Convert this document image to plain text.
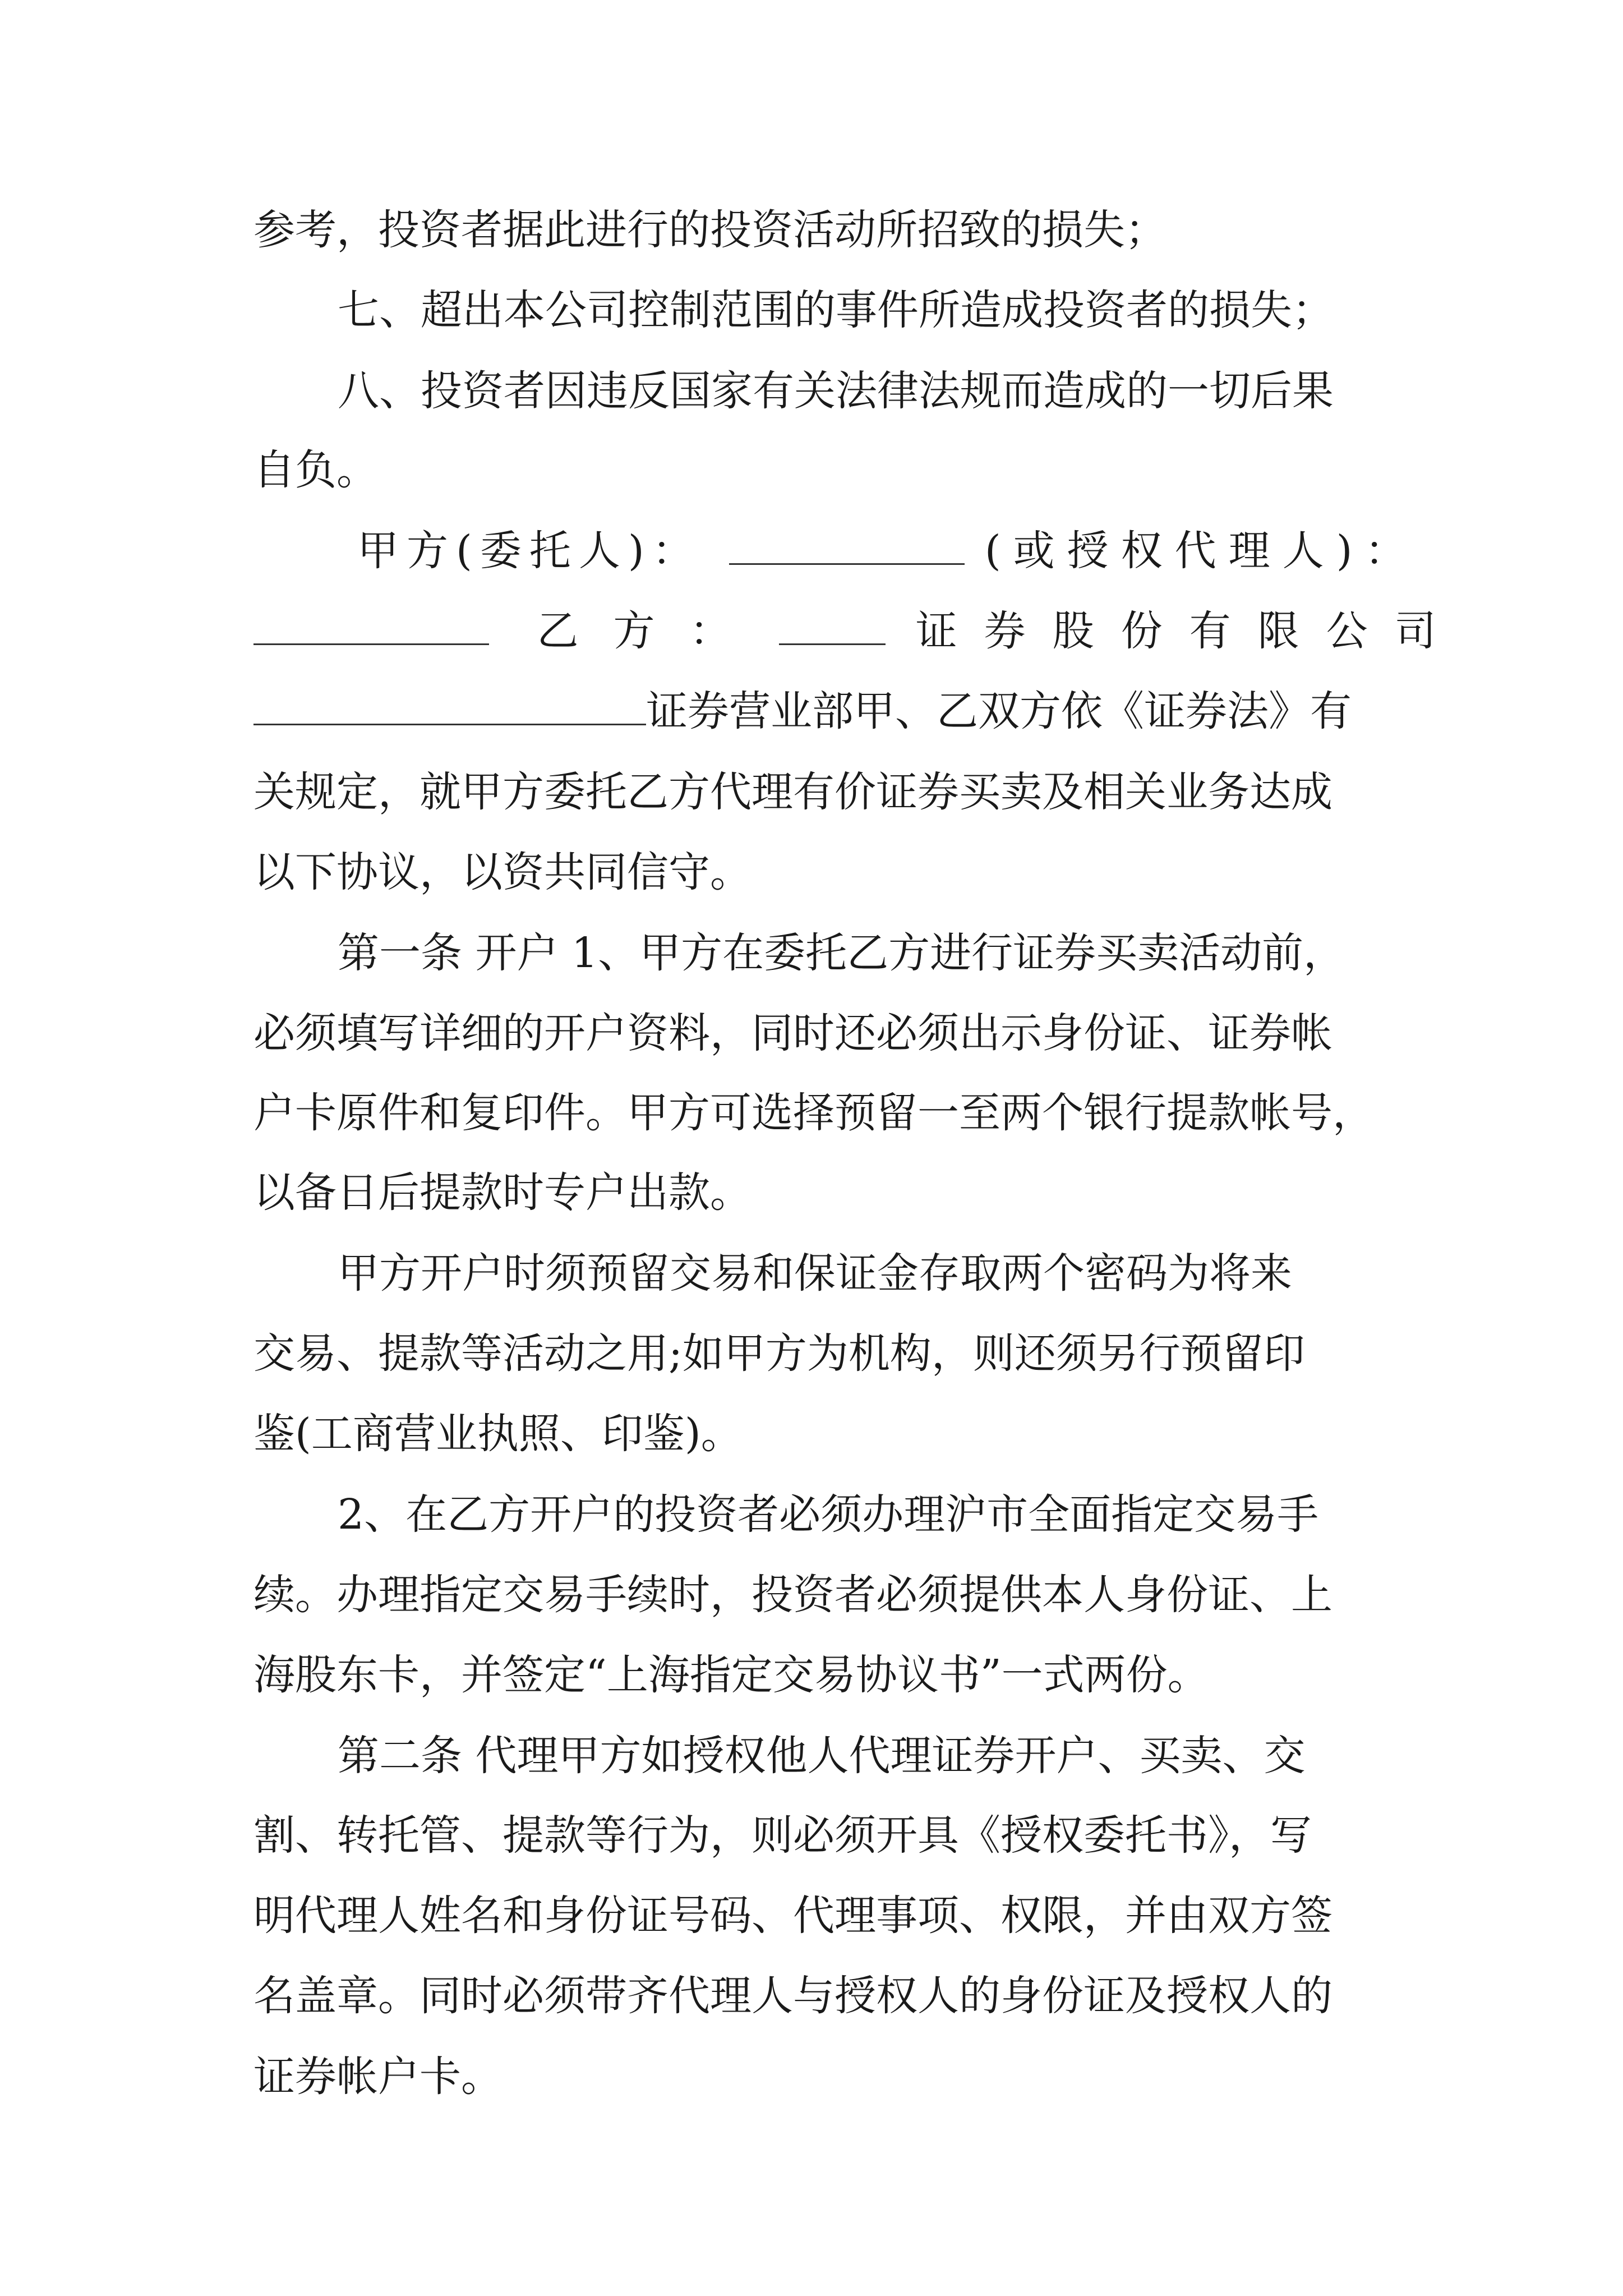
参考，投资者据此进行的投资活动所招致的损失；
七、超出本公司控制范围的事件所造成投资者的损失；
八、投资者因违反国家有关法律法规而造成的一切后果
自负。
甲方(委托人)：	(或授权代理人)：
乙方：	证券股份有限公司
证券营业部甲、乙双方依《证券法》有
关规定，就甲方委托乙方代理有价证券买卖及相关业务达成
以下协议，以资共同信守。
第一条 开户 1、甲方在委托乙方进行证券买卖活动前，
必须填写详细的开户资料，同时还必须出示身份证、证券帐
户卡原件和复印件。甲方可选择预留一至两个银行提款帐号，
以备日后提款时专户出款。
甲方开户时须预留交易和保证金存取两个密码为将来
交易、提款等活动之用;如甲方为机构，则还须另行预留印
鉴(工商营业执照、印鉴)。
2、在乙方开户的投资者必须办理沪市全面指定交易手
续。办理指定交易手续时，投资者必须提供本人身份证、上
海股东卡，并签定“上海指定交易协议书”一式两份。
第二条 代理甲方如授权他人代理证券开户、买卖、交
割、转托管、提款等行为，则必须开具《授权委托书》，写
明代理人姓名和身份证号码、代理事项、权限，并由双方签
名盖章。同时必须带齐代理人与授权人的身份证及授权人的
证券帐户卡。
